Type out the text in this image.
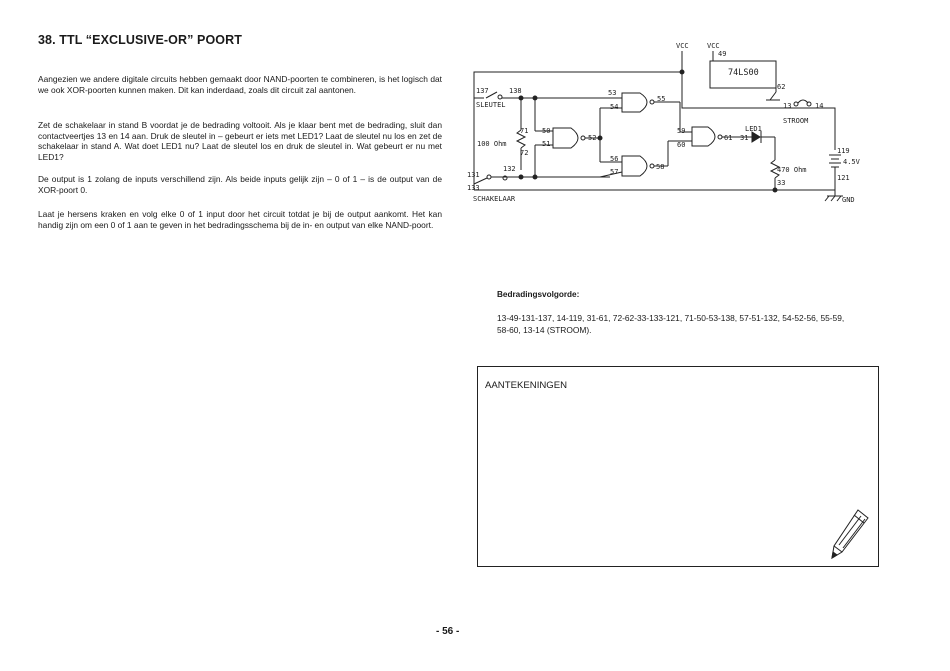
38. TTL “EXCLUSIVE-OR” POORT
Aangezien we andere digitale circuits hebben gemaakt door NAND-poorten te combineren, is het logisch dat we ook XOR-poorten kunnen maken. Dit kan inderdaad, zoals dit circuit zal aantonen.
Zet de schakelaar in stand B voordat je de bedrading voltooit. Als je klaar bent met de bedrading, sluit dan contactveertjes 13 en 14 aan. Druk de sleutel in – gebeurt er iets met LED1? Laat de sleutel nu los en zet de schakelaar in stand A. Wat doet LED1 nu? Laat de sleutel los en druk de sleutel in. Wat gebeurt er nu met LED1?
De output is 1 zolang de inputs verschillend zijn. Als beide inputs gelijk zijn – 0 of 1 – is de output van de XOR-poort 0.
Laat je hersens kraken en volg elke 0 of 1 input door het circuit totdat je bij de output aankomt. Het kan handig zijn om een 0 of 1 aan te geven in het bedradingsschema bij de in- en output van elke NAND-poort.
VCC	VCC
49
74LS00
62
13	14
STROOM
137	138
SLEUTEL
53
54
55
71 50
51
52
100 Ohm
72
59
60
LED1
61 31
56
57
58
132
131
133
119
4.5V
121
470 Ohm
33
GND
SCHAKELAAR
Bedradingsvolgorde:
13-49-131-137, 14-119, 31-61, 72-62-33-133-121, 71-50-53-138, 57-51-132, 54-52-56, 55-59, 58-60, 13-14 (STROOM).
AANTEKENINGEN
- 56 -
